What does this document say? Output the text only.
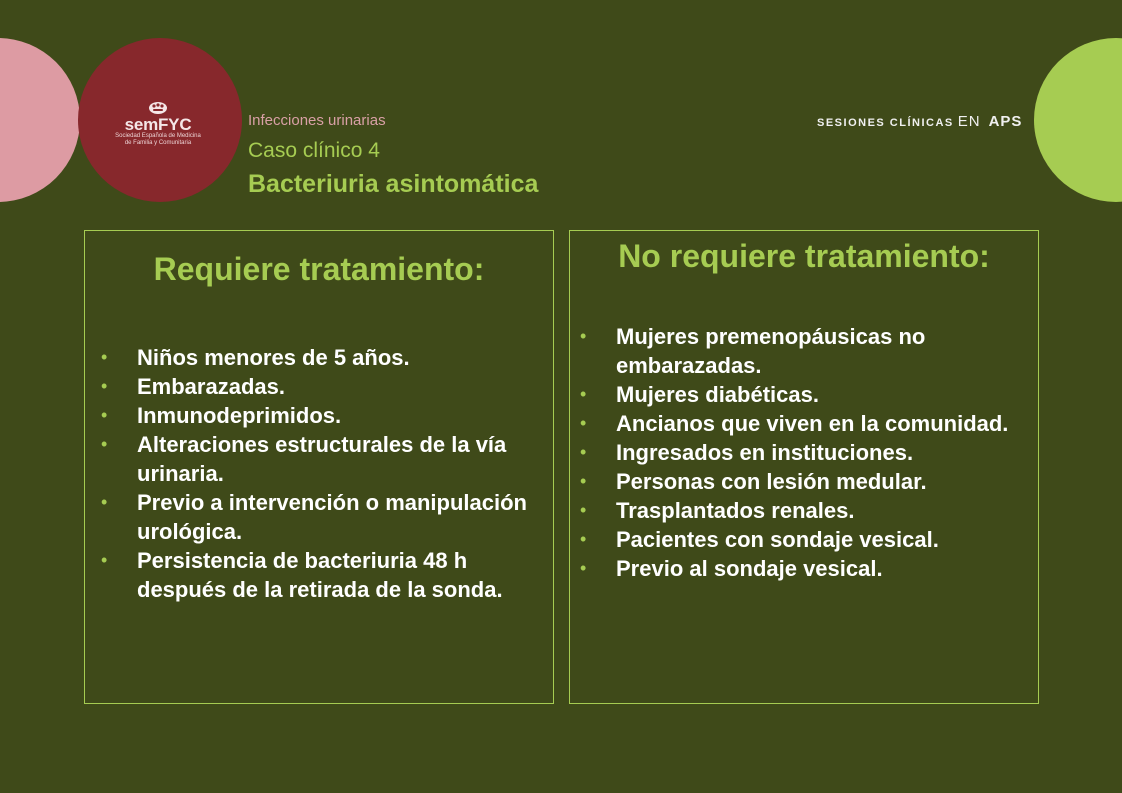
semFYC
Sociedad Española de Medicina
de Familia y Comunitaria
Infecciones urinarias
Caso clínico 4
Bacteriuria asintomática
SESIONES CLÍNICAS EN APS
Requiere tratamiento:
•	Niños menores de 5 años.
•	Embarazadas.
•	Inmunodeprimidos.
•	Alteraciones estructurales de la vía urinaria.
•	Previo a intervención o manipulación urológica.
•	Persistencia de bacteriuria 48 h después de la retirada de la sonda.
No requiere tratamiento:
•	Mujeres premenopáusicas no embarazadas.
•	Mujeres diabéticas.
•	Ancianos que viven en la comunidad.
•	Ingresados en instituciones.
•	Personas con lesión medular.
•	Trasplantados renales.
•	Pacientes con sondaje vesical.
•	Previo al sondaje vesical.
